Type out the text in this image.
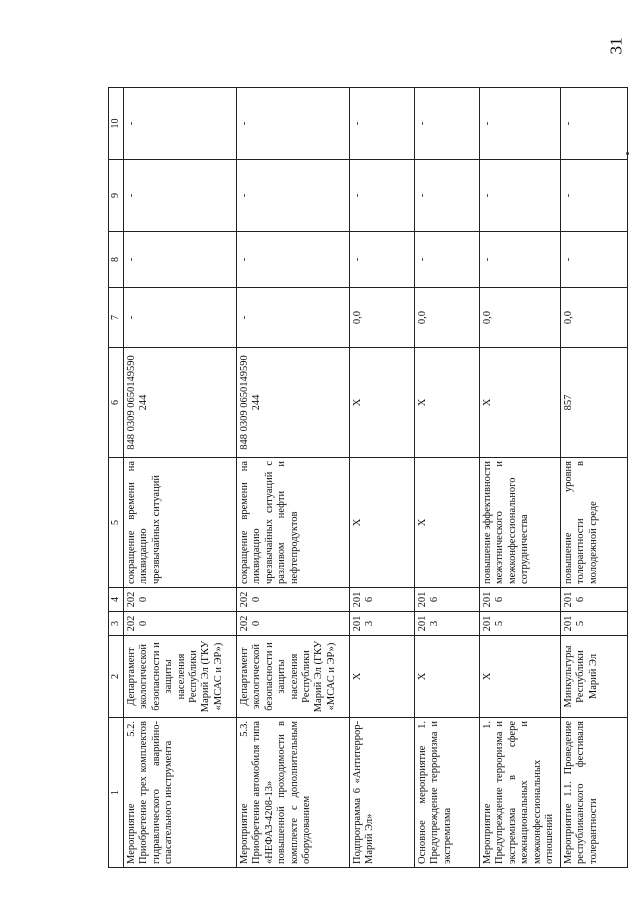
31
1	2	3	4	5	6	7	8	9	10
Мероприятие 5.2. Приобретение трех комплектов гидравлического аварийно-спасательного инструмента	Департамент экологической безопасности и защиты населения Республики Марий Эл (ГКУ «МСАС и ЭР»)	2020	2020	сокращение времени на ликвидацию чрезвычайных ситуаций	848 0309 0650149590 244	-	-	-	-
Мероприятие 5.3. Приобретение автомобиля типа «НЕФАЗ-4208-13» повышенной проходимости в комплекте с дополнительным оборудованием	Департамент экологической безопасности и защиты населения Республики Марий Эл (ГКУ «МСАС и ЭР»)	2020	2020	сокращение времени на ликвидацию чрезвычайных ситуаций с разливом нефти и нефтепродуктов	848 0309 0650149590 244	-	-	-	-
Подпрограмма 6 «Антитеррор-Марий Эл»	X	2013	2016	X	X	0,0	-	-	-
Основное мероприятие 1. Предупреждение терроризма и экстремизма	X	2013	2016	X	X	0,0	-	-	-
Мероприятие 1. Предупреждение терроризма и экстремизма в сфере межнациональных и межконфессиональных отношений	X	2015	2016	повышение эффективности межэтнического и межконфессионального сотрудничества	X	0,0	-	-	-
Мероприятие 1.1. Проведение республиканского фестиваля толерантности	Минкультуры Республики Марий Эл	2015	2016	повышение уровня толерантности в молодежной среде	857	0,0	-	-	-
